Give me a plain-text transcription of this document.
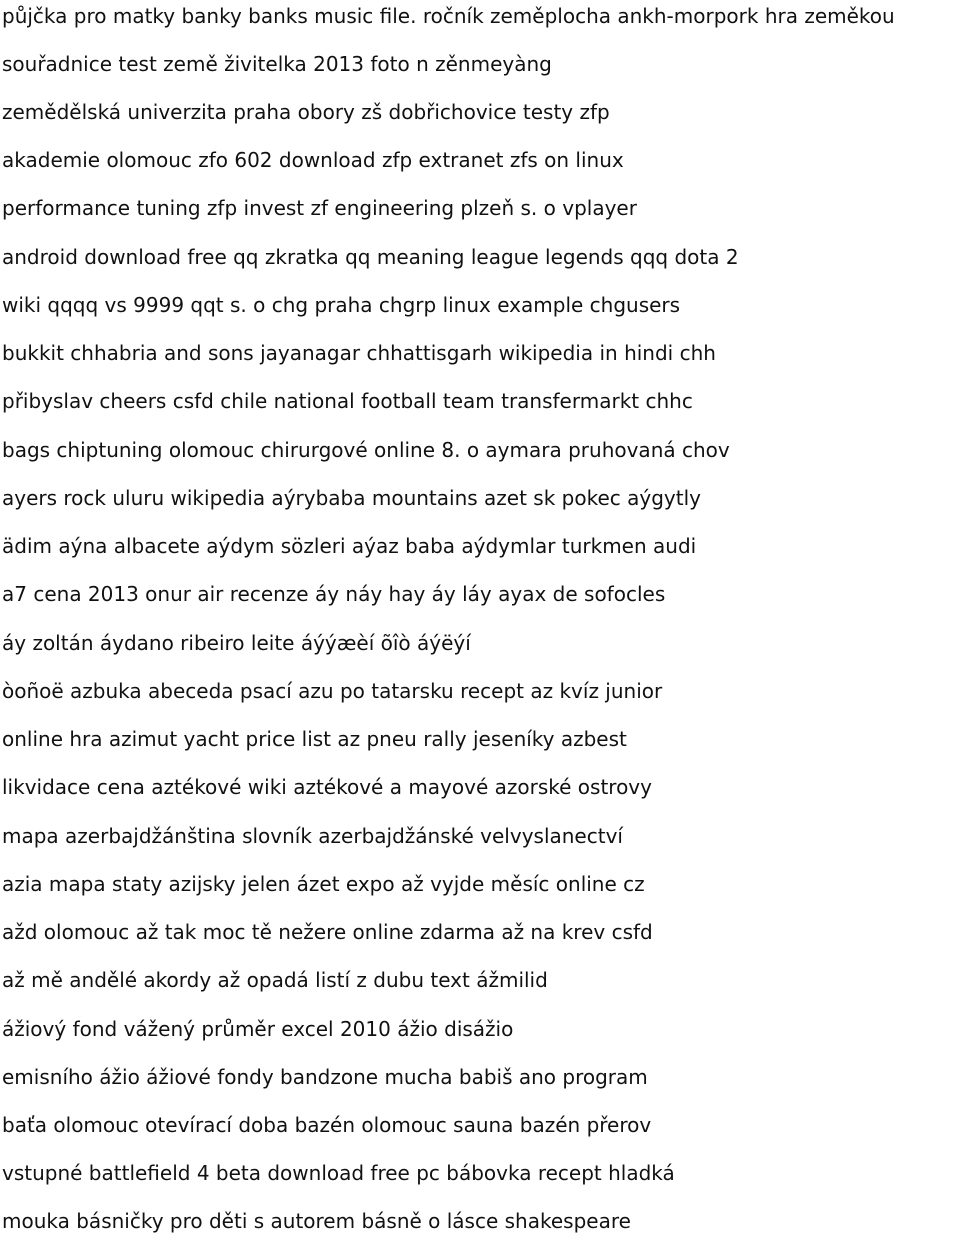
půjčka pro matky banky banks music file. ročník zeměplocha ankh-morpork hra zeměkou
souřadnice test země živitelka 2013 foto n zěnmeyàng
zemědělská univerzita praha obory zš dobřichovice testy zfp
akademie olomouc zfo 602 download zfp extranet zfs on linux
performance tuning zfp invest zf engineering plzeň s. o vplayer
android download free qq zkratka qq meaning league legends qqq dota 2
wiki qqqq vs 9999 qqt s. o chg praha chgrp linux example chgusers
bukkit chhabria and sons jayanagar chhattisgarh wikipedia in hindi chh
přibyslav cheers csfd chile national football team transfermarkt chhc
bags chiptuning olomouc chirurgové online 8. o aymara pruhovaná chov
ayers rock uluru wikipedia aýrybaba mountains azet sk pokec aýgytly
ädim aýna albacete aýdym sözleri aýaz baba aýdymlar turkmen audi
a7 cena 2013 onur air recenze áy náy hay áy láy ayax de sofocles
áy zoltán áydano ribeiro leite áýýæèí õîò áýëýí
òoñoë azbuka abeceda psací azu po tatarsku recept az kvíz junior
online hra azimut yacht price list az pneu rally jeseníky azbest
likvidace cena aztékové wiki aztékové a mayové azorské ostrovy
mapa azerbajdžánština slovník azerbajdžánské velvyslanectví
azia mapa staty azijsky jelen ázet expo až vyjde měsíc online cz
ažd olomouc až tak moc tě nežere online zdarma až na krev csfd
až mě andělé akordy až opadá listí z dubu text ážmilid
ážiový fond vážený průměr excel 2010 ážio disážio
emisního ážio ážiové fondy bandzone mucha babiš ano program
baťa olomouc otevírací doba bazén olomouc sauna bazén přerov
vstupné battlefield 4 beta download free pc bábovka recept hladká
mouka básničky pro děti s autorem básně o lásce shakespeare
